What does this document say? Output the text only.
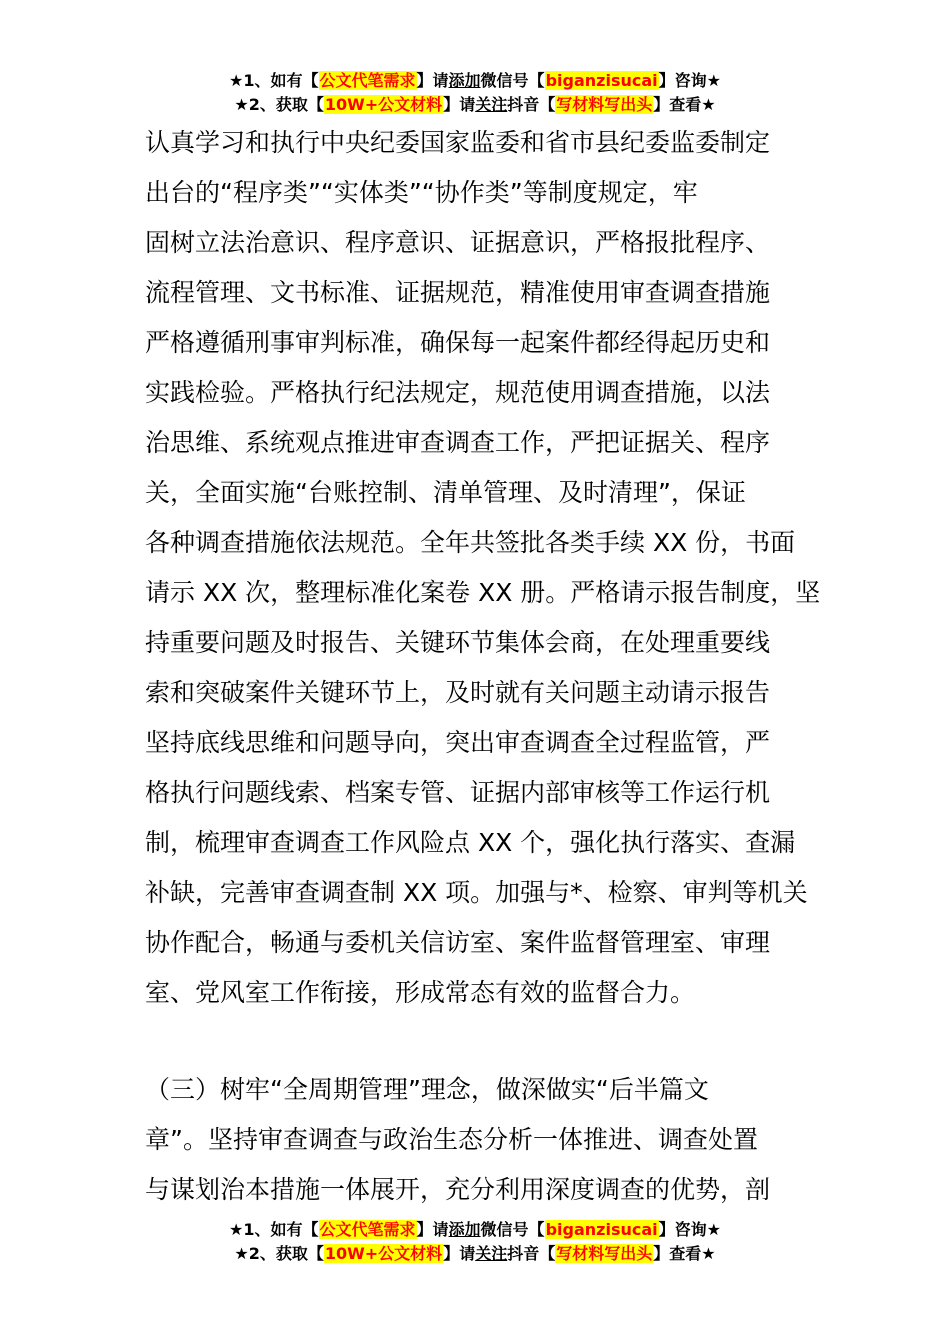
★1、如有【公文代笔需求】请添加微信号【biganzisucai】咨询★
★2、获取【10W+公文材料】请关注抖音【写材料写出头】查看★
认真学习和执行中央纪委国家监委和省市县纪委监委制定
出台的“程序类”“实体类”“协作类”等制度规定，牢
固树立法治意识、程序意识、证据意识，严格报批程序、
流程管理、文书标准、证据规范，精准使用审查调查措施
严格遵循刑事审判标准，确保每一起案件都经得起历史和
实践检验。严格执行纪法规定，规范使用调查措施，以法
治思维、系统观点推进审查调查工作，严把证据关、程序
关，全面实施“台账控制、清单管理、及时清理”，保证
各种调查措施依法规范。全年共签批各类手续 XX 份，书面
请示 XX 次，整理标准化案卷 XX 册。严格请示报告制度，坚
持重要问题及时报告、关键环节集体会商，在处理重要线
索和突破案件关键环节上，及时就有关问题主动请示报告
坚持底线思维和问题导向，突出审查调查全过程监管，严
格执行问题线索、档案专管、证据内部审核等工作运行机
制，梳理审查调查工作风险点 XX 个，强化执行落实、查漏
补缺，完善审查调查制 XX 项。加强与*、检察、审判等机关
协作配合，畅通与委机关信访室、案件监督管理室、审理
室、党风室工作衔接，形成常态有效的监督合力。
（三）树牢“全周期管理”理念，做深做实“后半篇文
章”。坚持审查调查与政治生态分析一体推进、调查处置
与谋划治本措施一体展开，充分利用深度调查的优势，剖
★1、如有【公文代笔需求】请添加微信号【biganzisucai】咨询★
★2、获取【10W+公文材料】请关注抖音【写材料写出头】查看★
